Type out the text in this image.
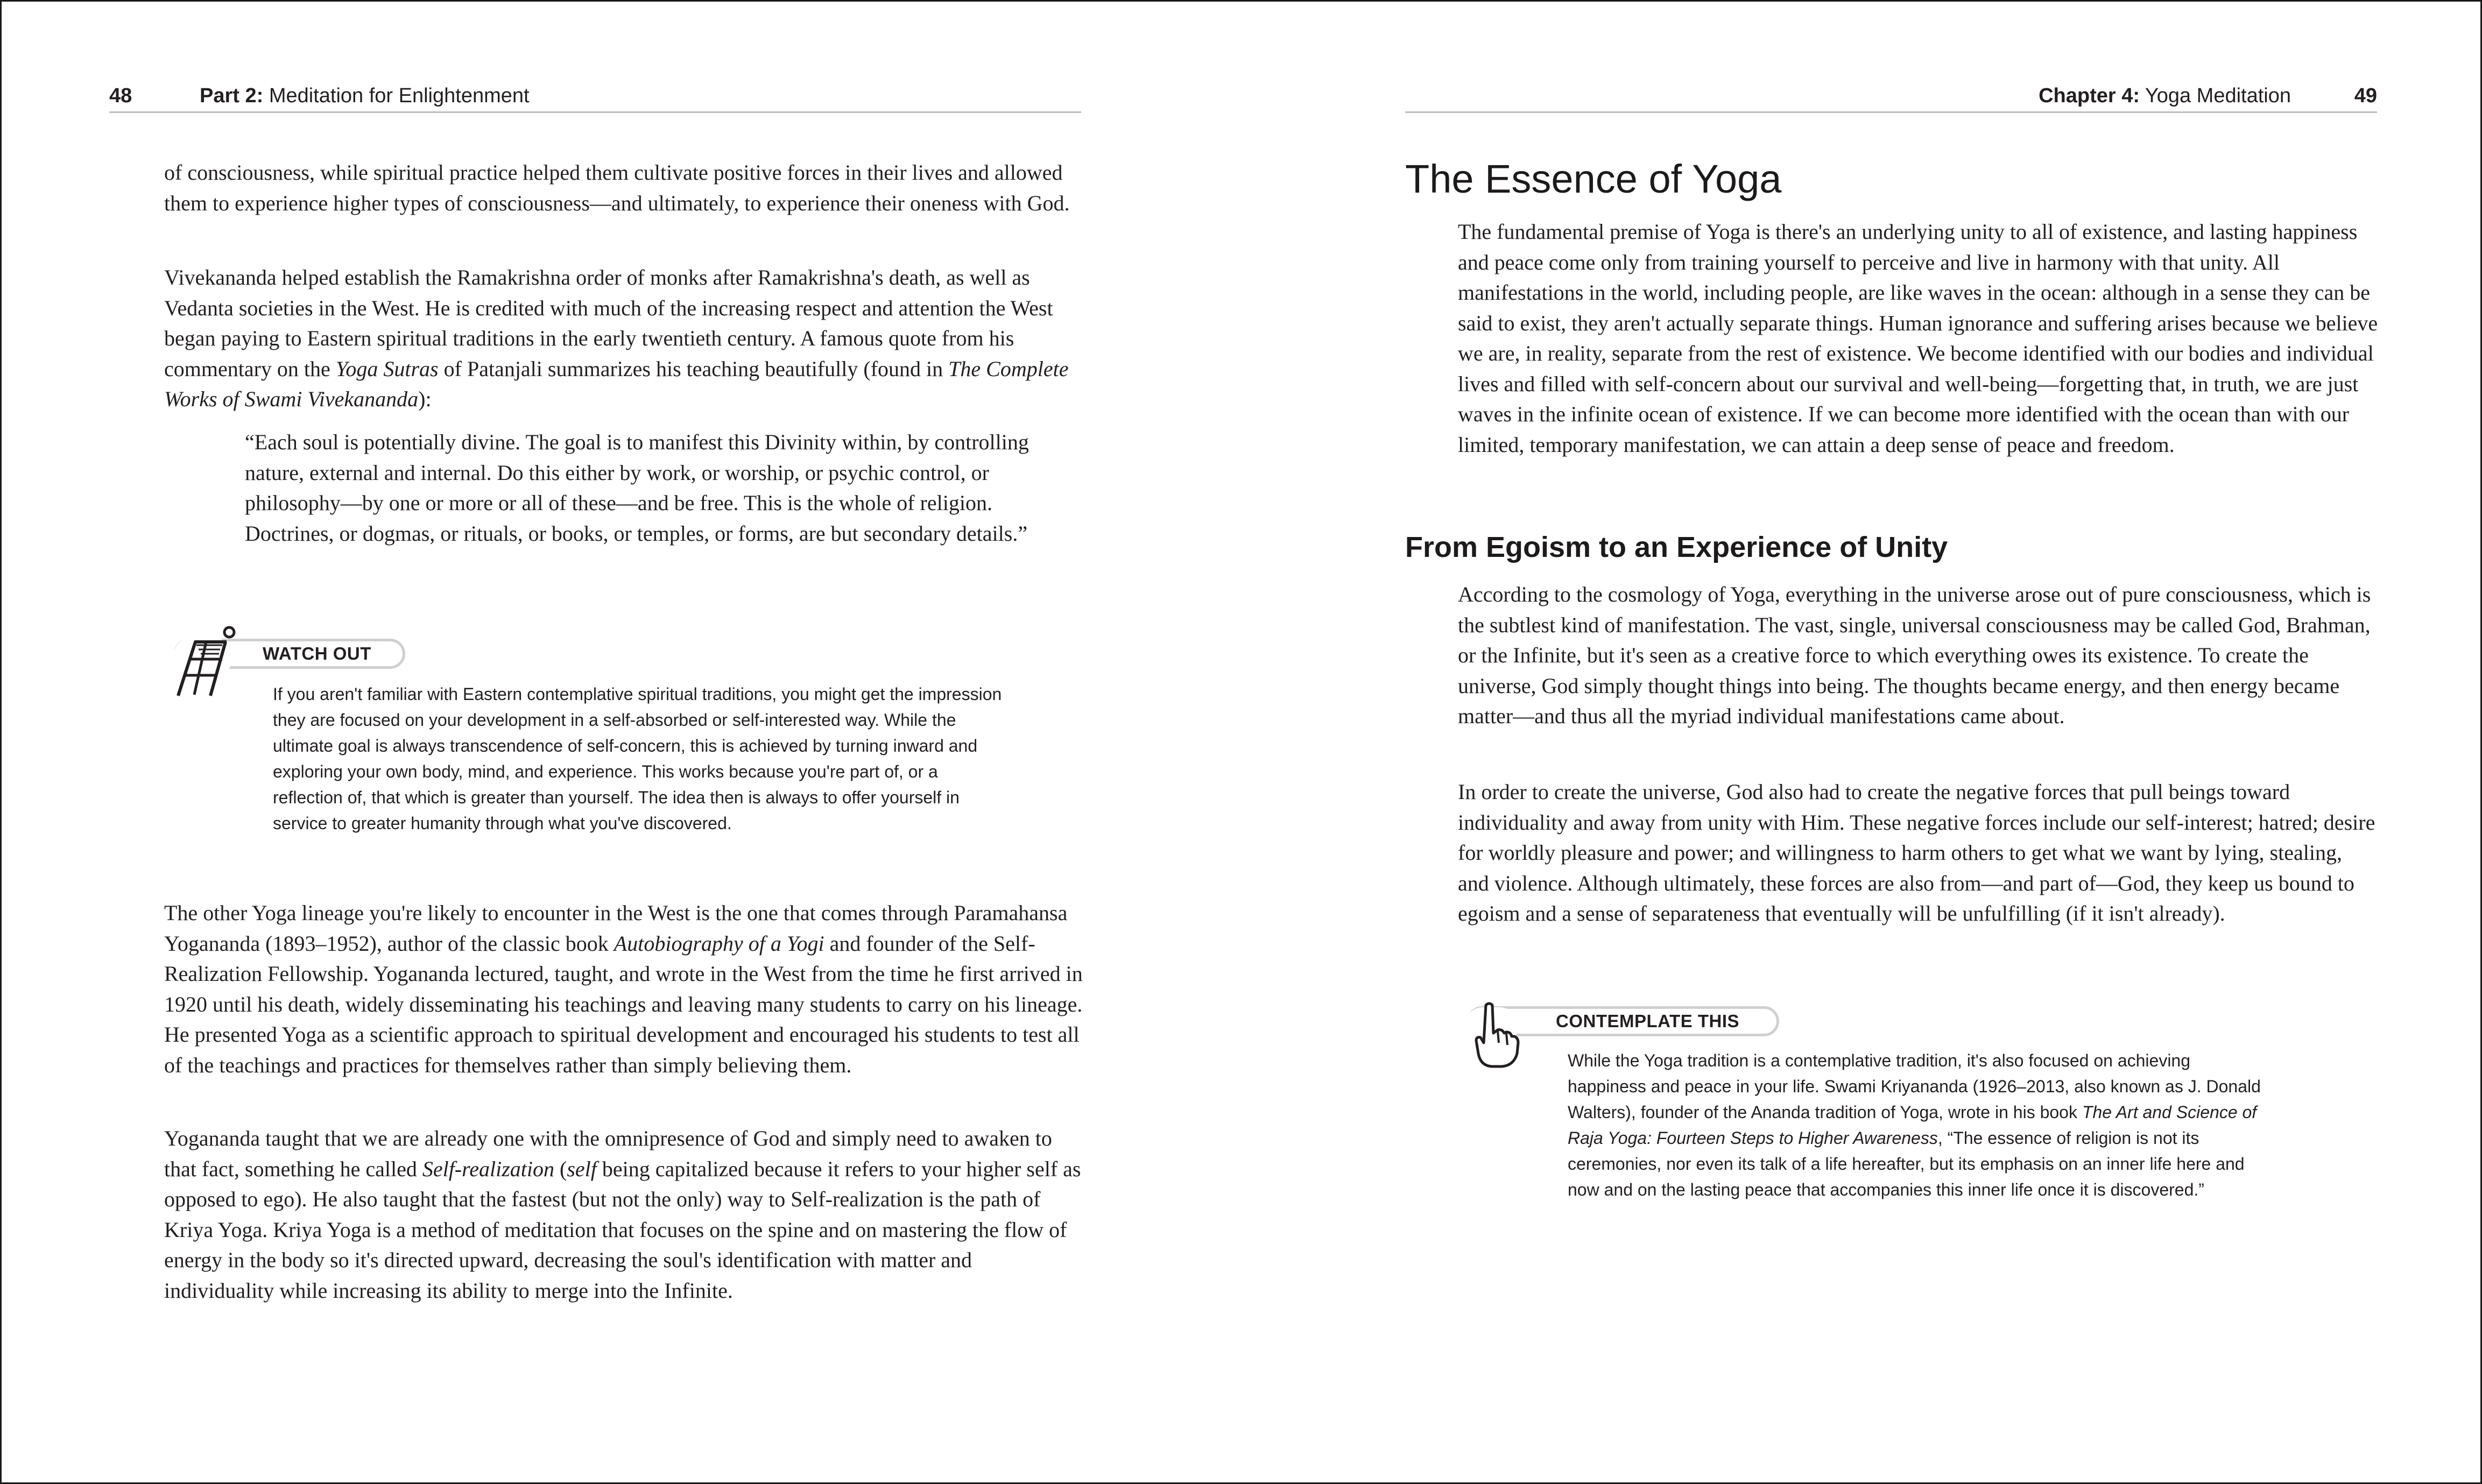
48	Part 2: Meditation for Enlightenment

of consciousness, while spiritual practice helped them cultivate positive forces in their lives and allowed them to experience higher types of consciousness—and ultimately, to experience their oneness with God.

Vivekananda helped establish the Ramakrishna order of monks after Ramakrishna's death, as well as Vedanta societies in the West. He is credited with much of the increasing respect and attention the West began paying to Eastern spiritual traditions in the early twentieth century. A famous quote from his commentary on the Yoga Sutras of Patanjali summarizes his teaching beautifully (found in The Complete Works of Swami Vivekananda):

“Each soul is potentially divine. The goal is to manifest this Divinity within, by controlling nature, external and internal. Do this either by work, or worship, or psychic control, or philosophy—by one or more or all of these—and be free. This is the whole of religion. Doctrines, or dogmas, or rituals, or books, or temples, or forms, are but secondary details.”

WATCH OUT

If you aren't familiar with Eastern contemplative spiritual traditions, you might get the impression they are focused on your development in a self-absorbed or self-interested way. While the ultimate goal is always transcendence of self-concern, this is achieved by turning inward and exploring your own body, mind, and experience. This works because you're part of, or a reflection of, that which is greater than yourself. The idea then is always to offer yourself in service to greater humanity through what you've discovered.

The other Yoga lineage you're likely to encounter in the West is the one that comes through Paramahansa Yogananda (1893–1952), author of the classic book Autobiography of a Yogi and founder of the Self-Realization Fellowship. Yogananda lectured, taught, and wrote in the West from the time he first arrived in 1920 until his death, widely disseminating his teachings and leaving many students to carry on his lineage. He presented Yoga as a scientific approach to spiritual development and encouraged his students to test all of the teachings and practices for themselves rather than simply believing them.

Yogananda taught that we are already one with the omnipresence of God and simply need to awaken to that fact, something he called Self-realization (self being capitalized because it refers to your higher self as opposed to ego). He also taught that the fastest (but not the only) way to Self-realization is the path of Kriya Yoga. Kriya Yoga is a method of meditation that focuses on the spine and on mastering the flow of energy in the body so it's directed upward, decreasing the soul's identification with matter and individuality while increasing its ability to merge into the Infinite.

Chapter 4: Yoga Meditation	49
The Essence of Yoga

The fundamental premise of Yoga is there's an underlying unity to all of existence, and lasting happiness and peace come only from training yourself to perceive and live in harmony with that unity. All manifestations in the world, including people, are like waves in the ocean: although in a sense they can be said to exist, they aren't actually separate things. Human ignorance and suffering arises because we believe we are, in reality, separate from the rest of existence. We become identified with our bodies and individual lives and filled with self-concern about our survival and well-being—forgetting that, in truth, we are just waves in the infinite ocean of existence. If we can become more identified with the ocean than with our limited, temporary manifestation, we can attain a deep sense of peace and freedom.

From Egoism to an Experience of Unity

According to the cosmology of Yoga, everything in the universe arose out of pure consciousness, which is the subtlest kind of manifestation. The vast, single, universal consciousness may be called God, Brahman, or the Infinite, but it's seen as a creative force to which everything owes its existence. To create the universe, God simply thought things into being. The thoughts became energy, and then energy became matter—and thus all the myriad individual manifestations came about.

In order to create the universe, God also had to create the negative forces that pull beings toward individuality and away from unity with Him. These negative forces include our self-interest; hatred; desire for worldly pleasure and power; and willingness to harm others to get what we want by lying, stealing, and violence. Although ultimately, these forces are also from—and part of—God, they keep us bound to egoism and a sense of separateness that eventually will be unfulfilling (if it isn't already).

CONTEMPLATE THIS

While the Yoga tradition is a contemplative tradition, it's also focused on achieving happiness and peace in your life. Swami Kriyananda (1926–2013, also known as J. Donald Walters), founder of the Ananda tradition of Yoga, wrote in his book The Art and Science of Raja Yoga: Fourteen Steps to Higher Awareness, “The essence of religion is not its ceremonies, nor even its talk of a life hereafter, but its emphasis on an inner life here and now and on the lasting peace that accompanies this inner life once it is discovered.”
